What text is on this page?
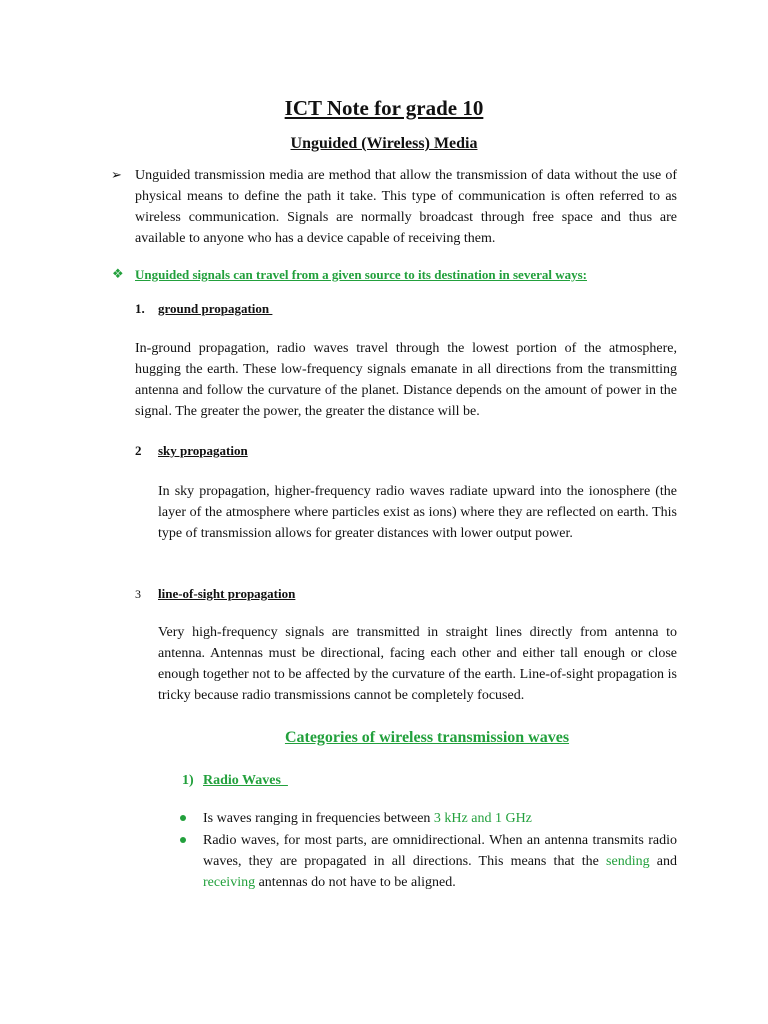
ICT Note for grade 10
Unguided (Wireless) Media
➢ Unguided transmission media are method that allow the transmission of data without the use of physical means to define the path it take. This type of communication is often referred to as wireless communication. Signals are normally broadcast through free space and thus are available to anyone who has a device capable of receiving them.
❖ Unguided signals can travel from a given source to its destination in several ways:
1. ground propagation
In-ground propagation, radio waves travel through the lowest portion of the atmosphere, hugging the earth. These low-frequency signals emanate in all directions from the transmitting antenna and follow the curvature of the planet. Distance depends on the amount of power in the signal. The greater the power, the greater the distance will be.
2 sky propagation
In sky propagation, higher-frequency radio waves radiate upward into the ionosphere (the layer of the atmosphere where particles exist as ions) where they are reflected on earth. This type of transmission allows for greater distances with lower output power.
3 line-of-sight propagation
Very high-frequency signals are transmitted in straight lines directly from antenna to antenna. Antennas must be directional, facing each other and either tall enough or close enough together not to be affected by the curvature of the earth. Line-of-sight propagation is tricky because radio transmissions cannot be completely focused.
Categories of wireless transmission waves
1) Radio Waves
Is waves ranging in frequencies between 3 kHz and 1 GHz
Radio waves, for most parts, are omnidirectional. When an antenna transmits radio waves, they are propagated in all directions. This means that the sending and receiving antennas do not have to be aligned.
